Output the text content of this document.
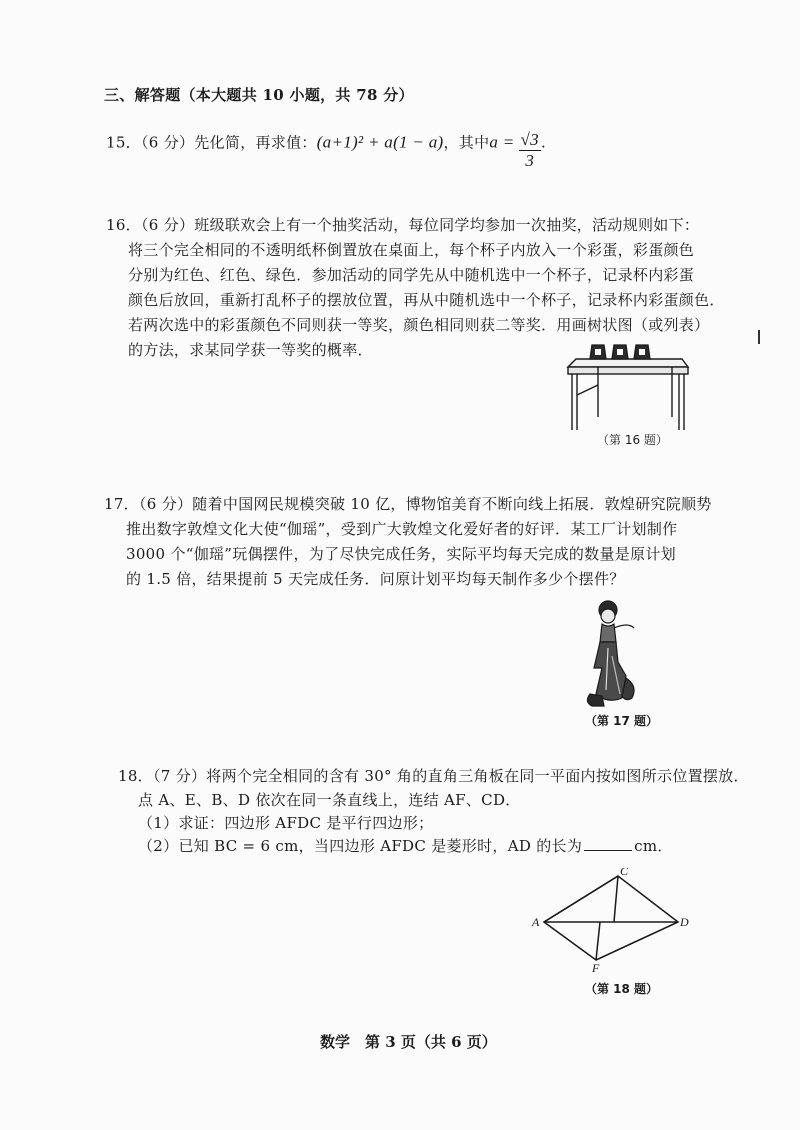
三、解答题（本大题共 10 小题，共 78 分）
15．（6 分）先化简，再求值：(a+1)² + a(1 − a)，其中$a = \frac{√3}{3}$ .
16．（6 分）班级联欢会上有一个抽奖活动，每位同学均参加一次抽奖，活动规则如下：
将三个完全相同的不透明纸杯倒置放在桌面上，每个杯子内放入一个彩蛋，彩蛋颜色
分别为红色、红色、绿色．参加活动的同学先从中随机选中一个杯子，记录杯内彩蛋
颜色后放回，重新打乱杯子的摆放位置，再从中随机选中一个杯子，记录杯内彩蛋颜色．
若两次选中的彩蛋颜色不同则获一等奖，颜色相同则获二等奖．用画树状图（或列表）
的方法，求某同学获一等奖的概率．
（第 16 题）
17．（6 分）随着中国网民规模突破 10 亿，博物馆美育不断向线上拓展．敦煌研究院顺势
推出数字敦煌文化大使“伽瑶”，受到广大敦煌文化爱好者的好评．某工厂计划制作
3000 个“伽瑶”玩偶摆件，为了尽快完成任务，实际平均每天完成的数量是原计划
的 1.5 倍，结果提前 5 天完成任务．问原计划平均每天制作多少个摆件？
（第 17 题）
18．（7 分）将两个完全相同的含有 30° 角的直角三角板在同一平面内按如图所示位置摆放．
点 A、E、B、D 依次在同一条直线上，连结 AF、CD．
（1）求证：四边形 AFDC 是平行四边形；
（2）已知 BC = 6 cm，当四边形 AFDC 是菱形时，AD 的长为	cm．
A
C
D
F
（第 18 题）
数学　第 3 页（共 6 页）
